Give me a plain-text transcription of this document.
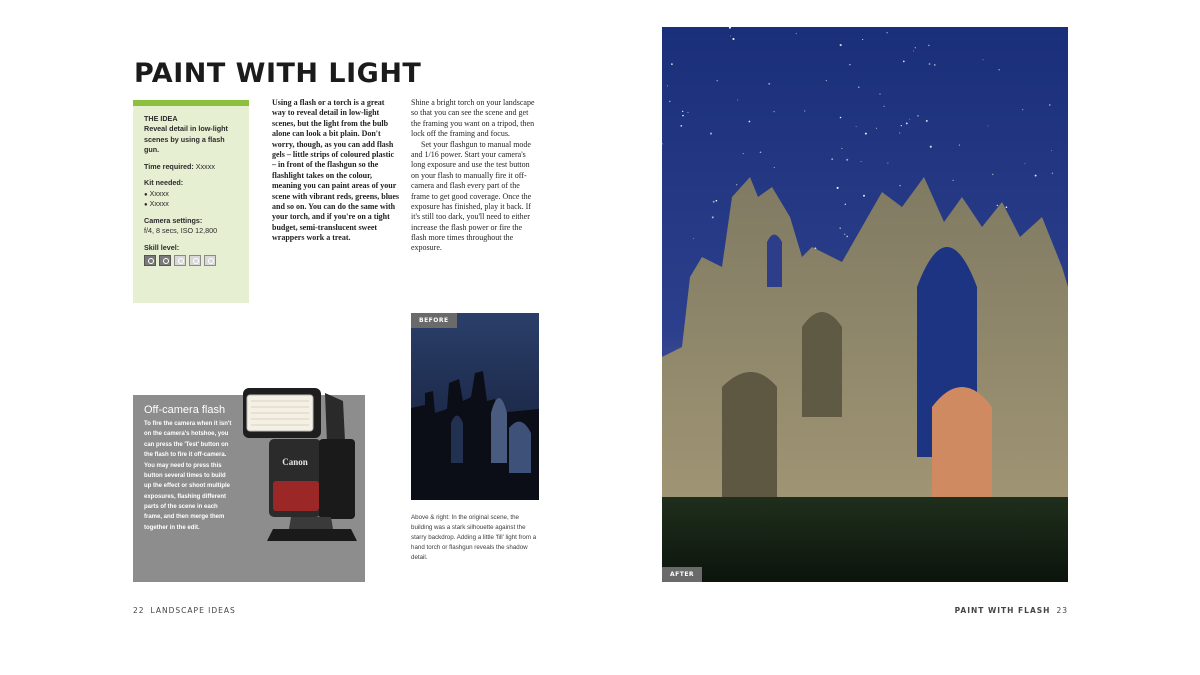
PAINT WITH LIGHT
THE IDEA
Reveal detail in low-light scenes by using a flash gun.
Time required: Xxxxx
Kit needed:
● Xxxxx
● Xxxxx
Camera settings:
f/4, 8 secs, ISO 12,800
Skill level:
Using a flash or a torch is a great way to reveal detail in low-light scenes, but the light from the bulb alone can look a bit plain. Don't worry, though, as you can add flash gels – little strips of coloured plastic – in front of the flashgun so the flashlight takes on the colour, meaning you can paint areas of your scene with vibrant reds, greens, blues and so on. You can do the same with your torch, and if you're on a tight budget, semi-translucent sweet wrappers work a treat.

Shine a bright torch on your landscape so that you can see the scene and get the framing you want on a tripod, then lock off the framing and focus.

Set your flashgun to manual mode and 1/16 power. Start your camera's long exposure and use the test button on your flash to manually fire it off-camera and flash every part of the frame to get good coverage. Once the exposure has finished, play it back. If it's still too dark, you'll need to either increase the flash power or fire the flash more times throughout the exposure.

BEFORE
Above & right: In the original scene, the building was a stark silhouette against the starry backdrop. Adding a little 'fill' light from a hand torch or flashgun reveals the shadow detail.
Off-camera flash
To fire the camera when it isn't on the camera's hotshoe, you can press the 'Test' button on the flash to fire it off-camera. You may need to press this button several times to build up the effect or shoot multiple exposures, flashing different parts of the scene in each frame, and then merge them together in the edit.
Canon
AFTER
22 LANDSCAPE IDEAS	PAINT WITH FLASH 23
